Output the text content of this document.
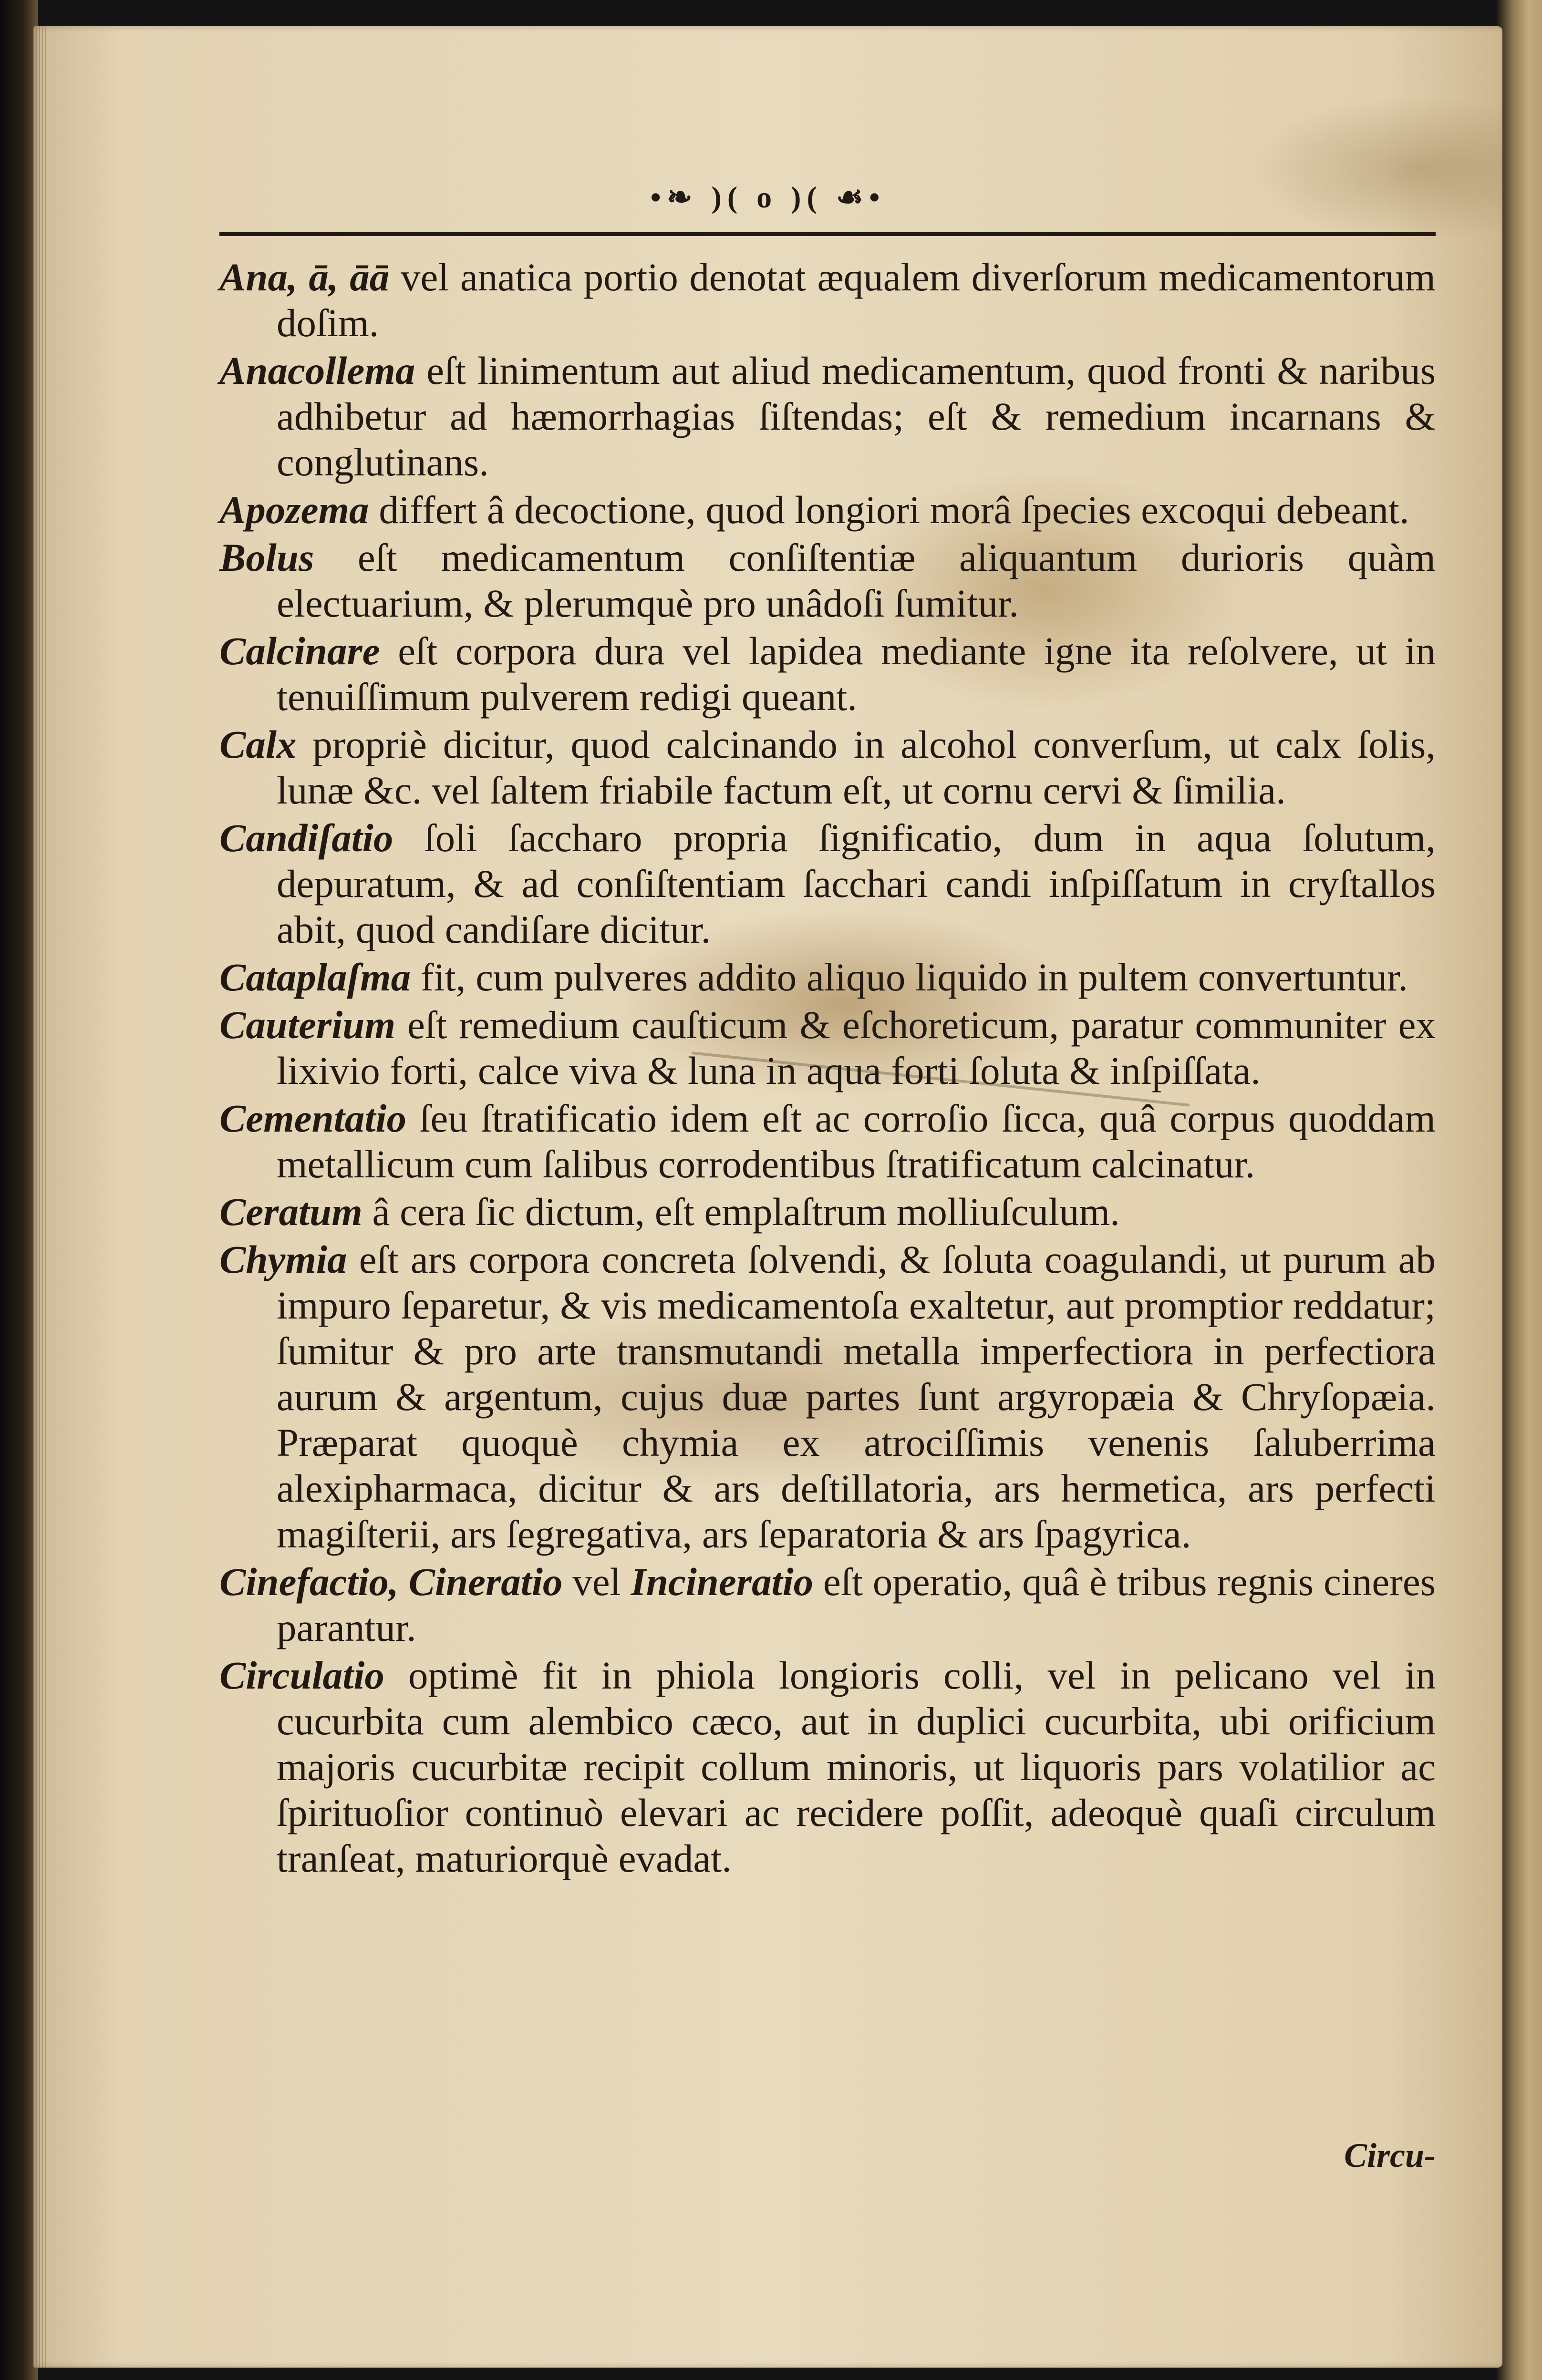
•❧ )( o )( ☙•

Ana, ā, āā vel anatica portio denotat æqualem diverſorum medicamentorum doſim.

Anacollema eſt linimentum aut aliud medicamentum, quod fronti & naribus adhibetur ad hæmorrhagias ſiſtendas; eſt & remedium incarnans & conglutinans.

Apozema differt â decoctione, quod longiori morâ ſpecies excoqui debeant.

Bolus eſt medicamentum conſiſtentiæ aliquantum durioris quàm electuarium, & plerumquè pro unâdoſi ſumitur.

Calcinare eſt corpora dura vel lapidea mediante igne ita reſolvere, ut in tenuiſſimum pulverem redigi queant.

Calx propriè dicitur, quod calcinando in alcohol converſum, ut calx ſolis, lunæ &c. vel ſaltem friabile factum eſt, ut cornu cervi & ſimilia.

Candiſatio ſoli ſaccharo propria ſignificatio, dum in aqua ſolutum, depuratum, & ad conſiſtentiam ſacchari candi inſpiſſatum in cryſtallos abit, quod candiſare dicitur.

Cataplaſma fit, cum pulveres addito aliquo liquido in pultem convertuntur.

Cauterium eſt remedium cauſticum & eſchoreticum, paratur communiter ex lixivio forti, calce viva & luna in aqua forti ſoluta & inſpiſſata.

Cementatio ſeu ſtratificatio idem eſt ac corroſio ſicca, quâ corpus quoddam metallicum cum ſalibus corrodentibus ſtratificatum calcinatur.

Ceratum â cera ſic dictum, eſt emplaſtrum molliuſculum.

Chymia eſt ars corpora concreta ſolvendi, & ſoluta coagulandi, ut purum ab impuro ſeparetur, & vis medicamentoſa exaltetur, aut promptior reddatur; ſumitur & pro arte transmutandi metalla imperfectiora in perfectiora aurum & argentum, cujus duæ partes ſunt argyropæia & Chryſopæia. Præparat quoquè chymia ex atrociſſimis venenis ſaluberrima alexipharmaca, dicitur & ars deſtillatoria, ars hermetica, ars perfecti magiſterii, ars ſegregativa, ars ſeparatoria & ars ſpagyrica.

Cinefactio, Cineratio vel Incineratio eſt operatio, quâ è tribus regnis cineres parantur.

Circulatio optimè fit in phiola longioris colli, vel in pelicano vel in cucurbita cum alembico cæco, aut in duplici cucurbita, ubi orificium majoris cucurbitæ recipit collum minoris, ut liquoris pars volatilior ac ſpirituoſior continuò elevari ac recidere poſſit, adeoquè quaſi circulum tranſeat, maturiorquè evadat.

Circu-
